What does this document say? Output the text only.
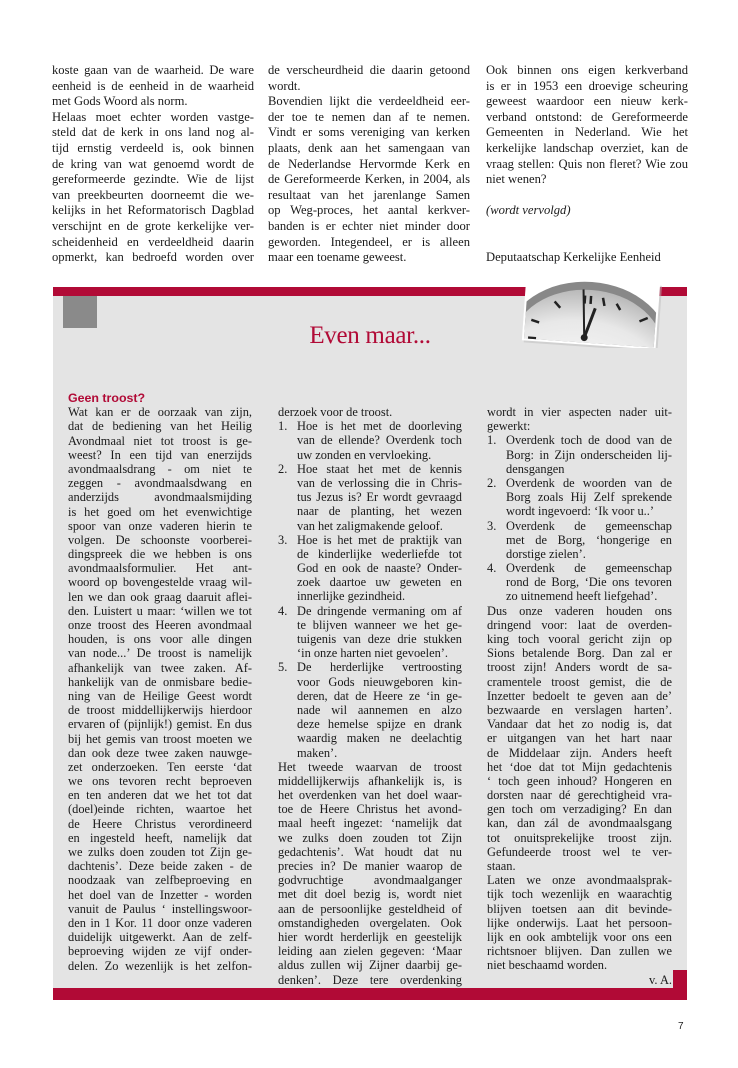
koste gaan van de waarheid. De ware
eenheid is de eenheid in de waarheid
met Gods Woord als norm.
Helaas moet echter worden vastge-
steld dat de kerk in ons land nog al-
tijd ernstig verdeeld is, ook binnen
de kring van wat genoemd wordt de
gereformeerde gezindte. Wie de lijst
van preekbeurten doorneemt die we-
kelijks in het Reformatorisch Dagblad
verschijnt en de grote kerkelijke ver-
scheidenheid en verdeeldheid daarin
opmerkt, kan bedroefd worden over
de verscheurdheid die daarin getoond
wordt.
Bovendien lijkt die verdeeldheid eer-
der toe te nemen dan af te nemen.
Vindt er soms vereniging van kerken
plaats, denk aan het samengaan van
de Nederlandse Hervormde Kerk en
de Gereformeerde Kerken, in 2004, als
resultaat van het jarenlange Samen
op Weg-proces, het aantal kerkver-
banden is er echter niet minder door
geworden. Integendeel, er is alleen
maar een toename geweest.
Ook binnen ons eigen kerkverband
is er in 1953 een droevige scheuring
geweest waardoor een nieuw kerk-
verband ontstond: de Gereformeerde
Gemeenten in Nederland. Wie het
kerkelijke landschap overziet, kan de
vraag stellen: Quis non fleret? Wie zou
niet wenen?
(wordt vervolgd)
Deputaatschap Kerkelijke Eenheid
Even maar...
Geen troost?
Wat kan er de oorzaak van zijn,
dat de bediening van het Heilig
Avondmaal niet tot troost is ge-
weest? In een tijd van enerzijds
avondmaalsdrang - om niet te
zeggen - avondmaalsdwang en
anderzijds avondmaalsmijding
is het goed om het evenwichtige
spoor van onze vaderen hierin te
volgen. De schoonste voorberei-
dingspreek die we hebben is ons
avondmaalsformulier. Het ant-
woord op bovengestelde vraag wil-
len we dan ook graag daaruit aflei-
den. Luistert u maar: ‘willen we tot
onze troost des Heeren avondmaal
houden, is ons voor alle dingen
van node...’ De troost is namelijk
afhankelijk van twee zaken. Af-
hankelijk van de onmisbare bedie-
ning van de Heilige Geest wordt
de troost middellijkerwijs hierdoor
ervaren of (pijnlijk!) gemist. En dus
bij het gemis van troost moeten we
dan ook deze twee zaken nauwge-
zet onderzoeken. Ten eerste ‘dat
we ons tevoren recht beproeven
en ten anderen dat we het tot dat
(doel)einde richten, waartoe het
de Heere Christus verordineerd
en ingesteld heeft, namelijk dat
we zulks doen zouden tot Zijn ge-
dachtenis’. Deze beide zaken - de
noodzaak van zelfbeproeving en
het doel van de Inzetter - worden
vanuit de Paulus ‘ instellingswoor-
den in 1 Kor. 11 door onze vaderen
duidelijk uitgewerkt. Aan de zelf-
beproeving wijden ze vijf onder-
delen. Zo wezenlijk is het zelfon-
derzoek voor de troost.
1. Hoe is het met de doorleving
van de ellende? Overdenk toch
uw zonden en vervloeking.
2. Hoe staat het met de kennis
van de verlossing die in Chris-
tus Jezus is? Er wordt gevraagd
naar de planting, het wezen
van het zaligmakende geloof.
3. Hoe is het met de praktijk van
de kinderlijke wederliefde tot
God en ook de naaste? Onder-
zoek daartoe uw geweten en
innerlijke gezindheid.
4. De dringende vermaning om af
te blijven wanneer we het ge-
tuigenis van deze drie stukken
‘in onze harten niet gevoelen’.
5. De herderlijke vertroosting
voor Gods nieuwgeboren kin-
deren, dat de Heere ze ‘in ge-
nade wil aannemen en alzo
deze hemelse spijze en drank
waardig maken ne deelachtig
maken’.
Het tweede waarvan de troost
middellijkerwijs afhankelijk is, is
het overdenken van het doel waar-
toe de Heere Christus het avond-
maal heeft ingezet: ‘namelijk dat
we zulks doen zouden tot Zijn
gedachtenis’. Wat houdt dat nu
precies in? De manier waarop de
godvruchtige avondmaalganger
met dit doel bezig is, wordt niet
aan de persoonlijke gesteldheid of
omstandigheden overgelaten. Ook
hier wordt herderlijk en geestelijk
leiding aan zielen gegeven: ‘Maar
aldus zullen wij Zijner daarbij ge-
denken’. Deze tere overdenking
wordt in vier aspecten nader uit-
gewerkt:
1. Overdenk toch de dood van de
Borg: in Zijn onderscheiden lij-
densgangen
2. Overdenk de woorden van de
Borg zoals Hij Zelf sprekende
wordt ingevoerd: ‘Ik voor u..’
3. Overdenk de gemeenschap
met de Borg, ‘hongerige en
dorstige zielen’.
4. Overdenk de gemeenschap
rond de Borg, ‘Die ons tevoren
zo uitnemend heeft liefgehad’.
Dus onze vaderen houden ons
dringend voor: laat de overden-
king toch vooral gericht zijn op
Sions betalende Borg. Dan zal er
troost zijn! Anders wordt de sa-
cramentele troost gemist, die de
Inzetter bedoelt te geven aan de’
bezwaarde en verslagen harten’.
Vandaar dat het zo nodig is, dat
er uitgangen van het hart naar
de Middelaar zijn. Anders heeft
het ‘doe dat tot Mijn gedachtenis
‘ toch geen inhoud? Hongeren en
dorsten naar dé gerechtigheid vra-
gen toch om verzadiging? En dan
kan, dan zál de avondmaalsgang
tot onuitsprekelijke troost zijn.
Gefundeerde troost wel te ver-
staan.
Laten we onze avondmaalsprak-
tijk toch wezenlijk en waarachtig
blijven toetsen aan dit bevinde-
lijke onderwijs. Laat het persoon-
lijk en ook ambtelijk voor ons een
richtsnoer blijven. Dan zullen we
niet beschaamd worden.
v. A.
7
